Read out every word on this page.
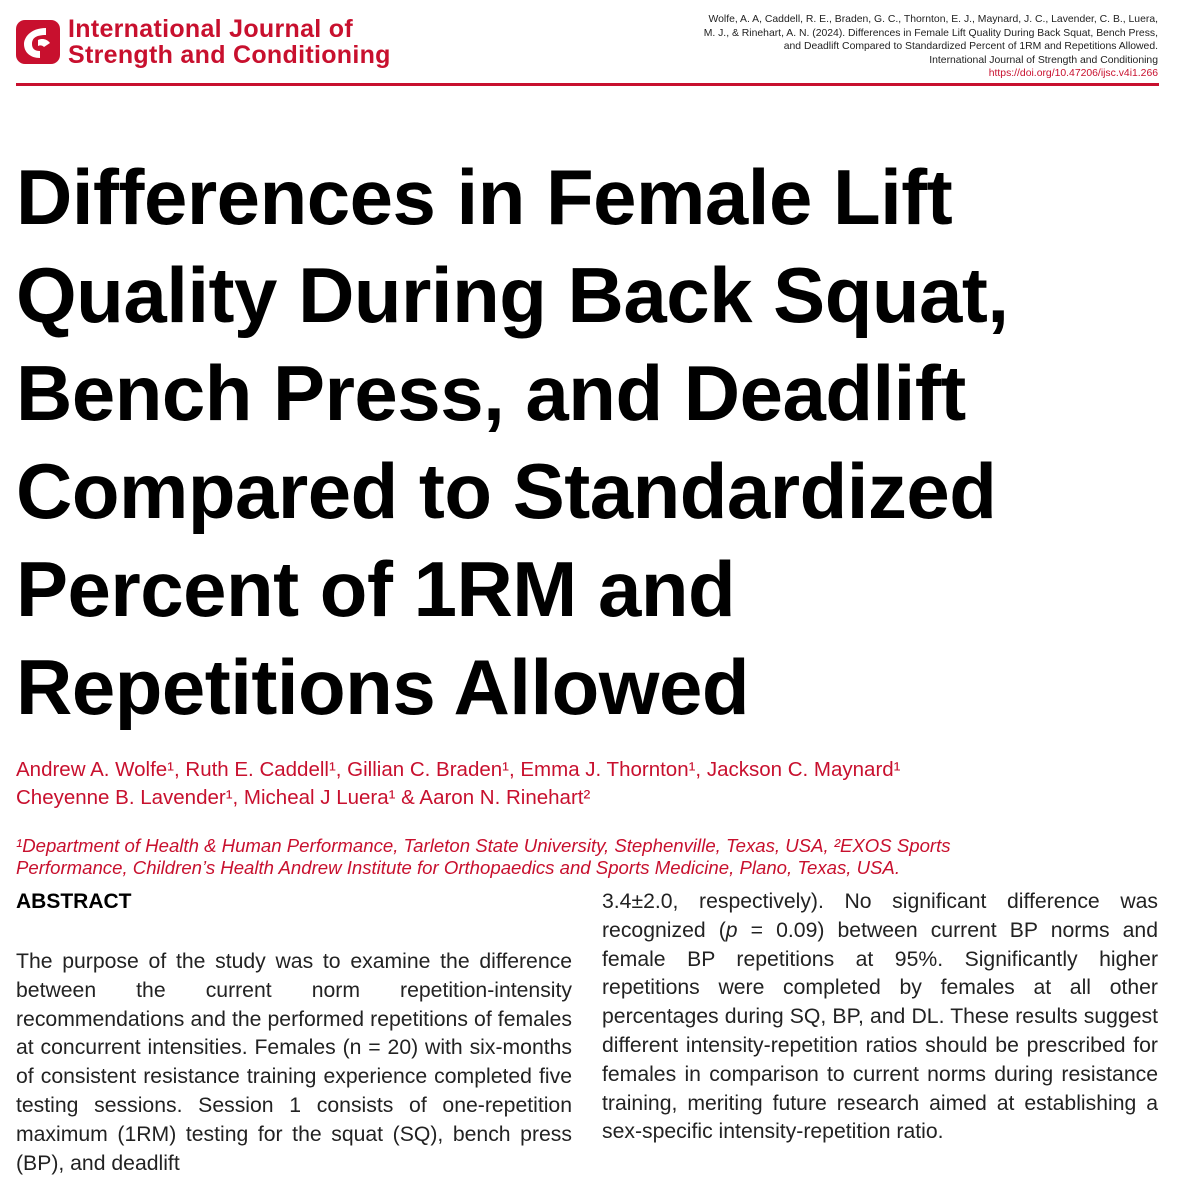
International Journal of
Strength and Conditioning
Wolfe, A. A, Caddell, R. E., Braden, G. C., Thornton, E. J., Maynard, J. C., Lavender, C. B., Luera,
M. J., & Rinehart, A. N. (2024). Differences in Female Lift Quality During Back Squat, Bench Press,
and Deadlift Compared to Standardized Percent of 1RM and Repetitions Allowed.
International Journal of Strength and Conditioning
https://doi.org/10.47206/ijsc.v4i1.266
Differences in Female Lift
Quality During Back Squat,
Bench Press, and Deadlift
Compared to Standardized
Percent of 1RM and
Repetitions Allowed
Andrew A. Wolfe¹, Ruth E. Caddell¹, Gillian C. Braden¹, Emma J. Thornton¹, Jackson C. Maynard¹
Cheyenne B. Lavender¹, Micheal J Luera¹ & Aaron N. Rinehart²
¹Department of Health & Human Performance, Tarleton State University, Stephenville, Texas, USA, ²EXOS Sports
Performance, Children’s Health Andrew Institute for Orthopaedics and Sports Medicine, Plano, Texas, USA.
ABSTRACT
The purpose of the study was to examine the difference between the current norm repetition-intensity recommendations and the performed repetitions of females at concurrent intensities. Females (n = 20) with six-months of consistent resistance training experience completed five testing sessions. Session 1 consists of one-repetition maximum (1RM) testing for the squat (SQ), bench press (BP), and deadlift
3.4±2.0, respectively). No significant difference was recognized (p = 0.09) between current BP norms and female BP repetitions at 95%. Significantly higher repetitions were completed by females at all other percentages during SQ, BP, and DL. These results suggest different intensity-repetition ratios should be prescribed for females in comparison to current norms during resistance training, meriting future research aimed at establishing a sex-specific intensity-repetition ratio.
